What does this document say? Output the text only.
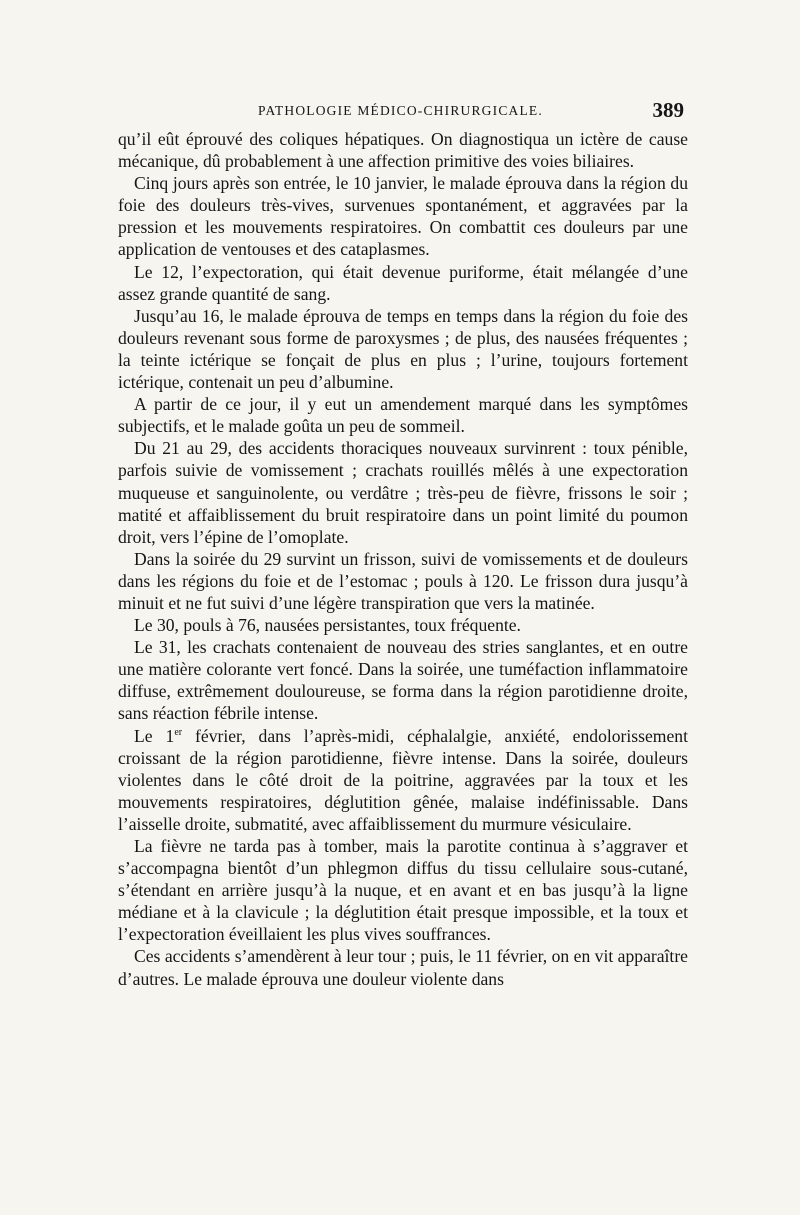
PATHOLOGIE MÉDICO-CHIRURGICALE.	389

qu’il eût éprouvé des coliques hépatiques. On diagnostiqua un ictère de cause mécanique, dû probablement à une affection primitive des voies biliaires.

Cinq jours après son entrée, le 10 janvier, le malade éprouva dans la région du foie des douleurs très-vives, survenues spontanément, et aggravées par la pression et les mouvements respiratoires. On combattit ces douleurs par une application de ventouses et des cataplasmes.

Le 12, l’expectoration, qui était devenue puriforme, était mélangée d’une assez grande quantité de sang.

Jusqu’au 16, le malade éprouva de temps en temps dans la région du foie des douleurs revenant sous forme de paroxysmes ; de plus, des nausées fréquentes ; la teinte ictérique se fonçait de plus en plus ; l’urine, toujours fortement ictérique, contenait un peu d’albumine.

A partir de ce jour, il y eut un amendement marqué dans les symptômes subjectifs, et le malade goûta un peu de sommeil.

Du 21 au 29, des accidents thoraciques nouveaux survinrent : toux pénible, parfois suivie de vomissement ; crachats rouillés mêlés à une expectoration muqueuse et sanguinolente, ou verdâtre ; très-peu de fièvre, frissons le soir ; matité et affaiblissement du bruit respiratoire dans un point limité du poumon droit, vers l’épine de l’omoplate.

Dans la soirée du 29 survint un frisson, suivi de vomissements et de douleurs dans les régions du foie et de l’estomac ; pouls à 120. Le frisson dura jusqu’à minuit et ne fut suivi d’une légère transpiration que vers la matinée.

Le 30, pouls à 76, nausées persistantes, toux fréquente.

Le 31, les crachats contenaient de nouveau des stries sanglantes, et en outre une matière colorante vert foncé. Dans la soirée, une tuméfaction inflammatoire diffuse, extrêmement douloureuse, se forma dans la région parotidienne droite, sans réaction fébrile intense.

Le 1er février, dans l’après-midi, céphalalgie, anxiété, endolorissement croissant de la région parotidienne, fièvre intense. Dans la soirée, douleurs violentes dans le côté droit de la poitrine, aggravées par la toux et les mouvements respiratoires, déglutition gênée, malaise indéfinissable. Dans l’aisselle droite, submatité, avec affaiblissement du murmure vésiculaire.

La fièvre ne tarda pas à tomber, mais la parotite continua à s’aggraver et s’accompagna bientôt d’un phlegmon diffus du tissu cellulaire sous-cutané, s’étendant en arrière jusqu’à la nuque, et en avant et en bas jusqu’à la ligne médiane et à la clavicule ; la déglutition était presque impossible, et la toux et l’expectoration éveillaient les plus vives souffrances.

Ces accidents s’amendèrent à leur tour ; puis, le 11 février, on en vit apparaître d’autres. Le malade éprouva une douleur violente dans
